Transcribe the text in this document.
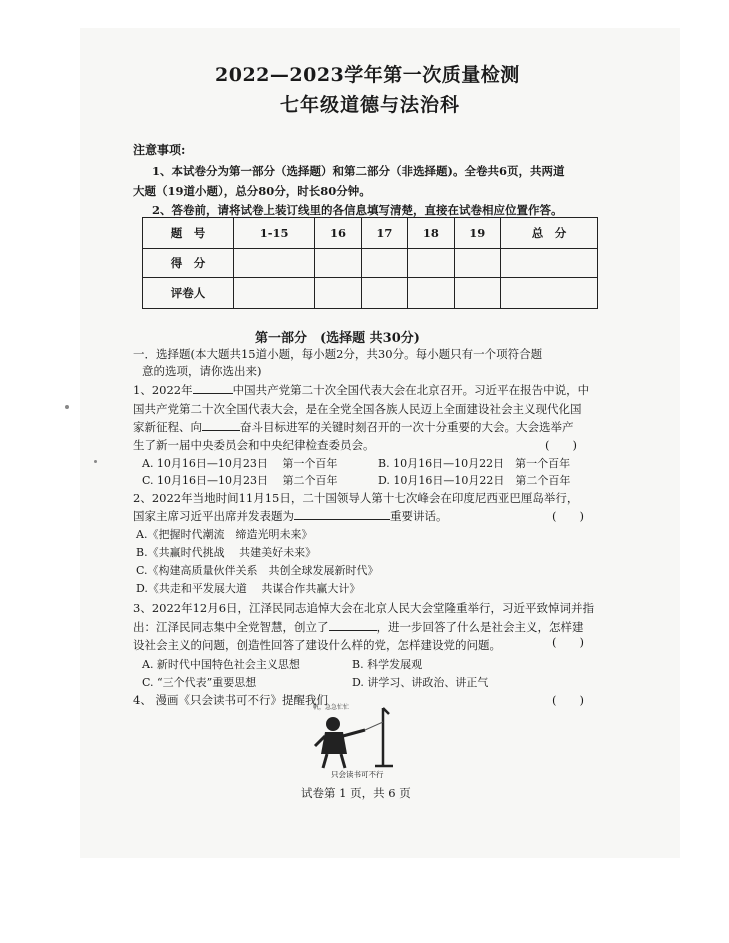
2022—2023学年第一次质量检测
七年级道德与法治科
注意事项:
1、本试卷分为第一部分（选择题）和第二部分（非选择题)。全卷共6页，共两道
大题（19道小题），总分80分，时长80分钟。
2、答卷前，请将试卷上装订线里的各信息填写清楚，直接在试卷相应位置作答。
题　号	1-15	16	17	18	19	总　分
得　分						
评卷人						
第一部分　(选择题 共30分)
一．选择题(本大题共15道小题，每小题2分，共30分。每小题只有一个项符合题
意的选项，请你选出来)
1、2022年	中国共产党第二十次全国代表大会在北京召开。习近平在报告中说，中
国共产党第二十次全国代表大会，是在全党全国各族人民迈上全面建设社会主义现代化国
家新征程、向	奋斗目标进军的关键时刻召开的一次十分重要的大会。大会选举产
生了新一届中央委员会和中央纪律检查委员会。	(　　)
A. 10月16日—10月23日　 第一个百年	B. 10月16日—10月22日　第一个百年
C. 10月16日—10月23日　 第二个百年	D. 10月16日—10月22日　第二个百年
2、2022年当地时间11月15日，二十国领导人第十七次峰会在印度尼西亚巴厘岛举行，
国家主席习近平出席并发表题为	重要讲话。	(　　)
A.《把握时代潮流　缔造光明未来》
B.《共赢时代挑战　 共建美好未来》
C.《构建高质量伙伴关系　共创全球发展新时代》
D.《共走和平发展大道　 共谋合作共赢大计》
3、2022年12月6日，江泽民同志追悼大会在北京人民大会堂隆重举行，习近平致悼词并指
出：江泽民同志集中全党智慧，创立了	，进一步回答了什么是社会主义，怎样建
设社会主义的问题，创造性回答了建设什么样的党，怎样建设党的问题。	(　　)
A. 新时代中国特色社会主义思想	B. 科学发展观
C. “三个代表”重要思想	D. 讲学习、讲政治、讲正气
4、 漫画《只会读书可不行》提醒我们	(　　)
帆，急急忙忙
只会读书可不行
试卷第 1 页，共 6 页
